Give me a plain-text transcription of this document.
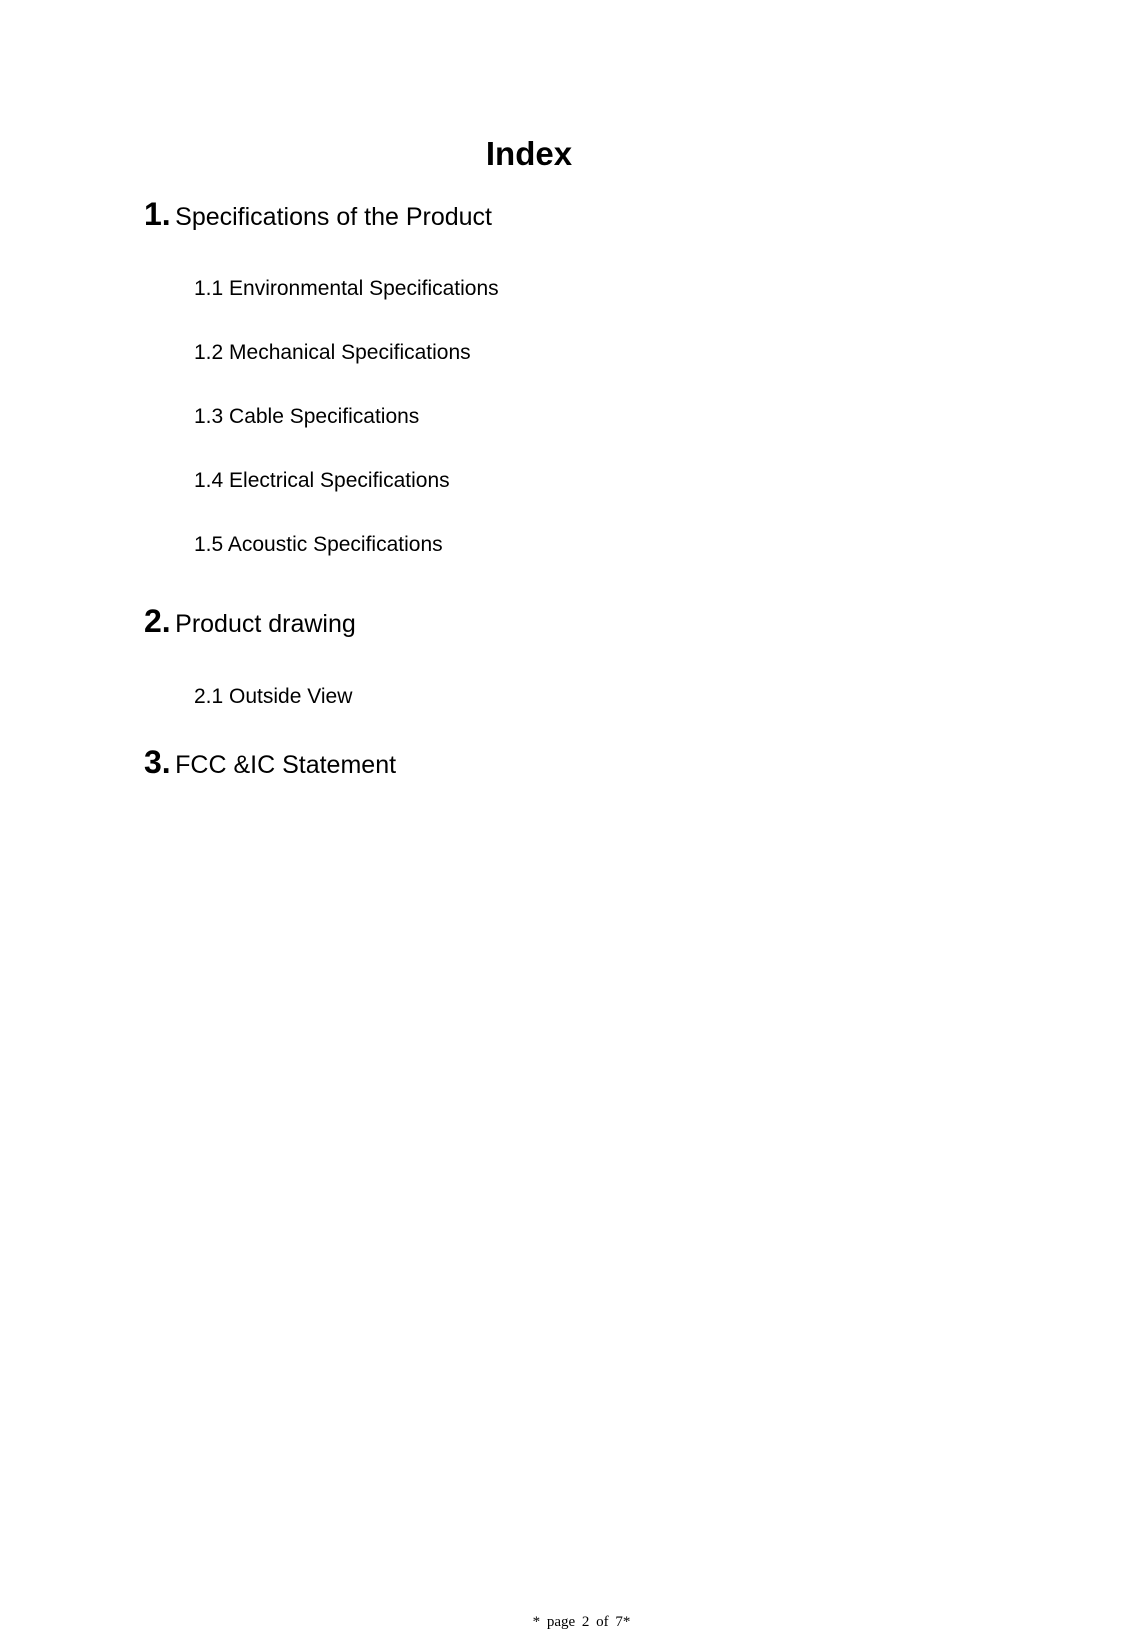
Index
1. Specifications of the Product
1.1 Environmental Specifications
1.2 Mechanical Specifications
1.3 Cable Specifications
1.4 Electrical Specifications
1.5 Acoustic Specifications
2. Product drawing
2.1 Outside View
3. FCC &IC Statement
* page 2 of 7*
